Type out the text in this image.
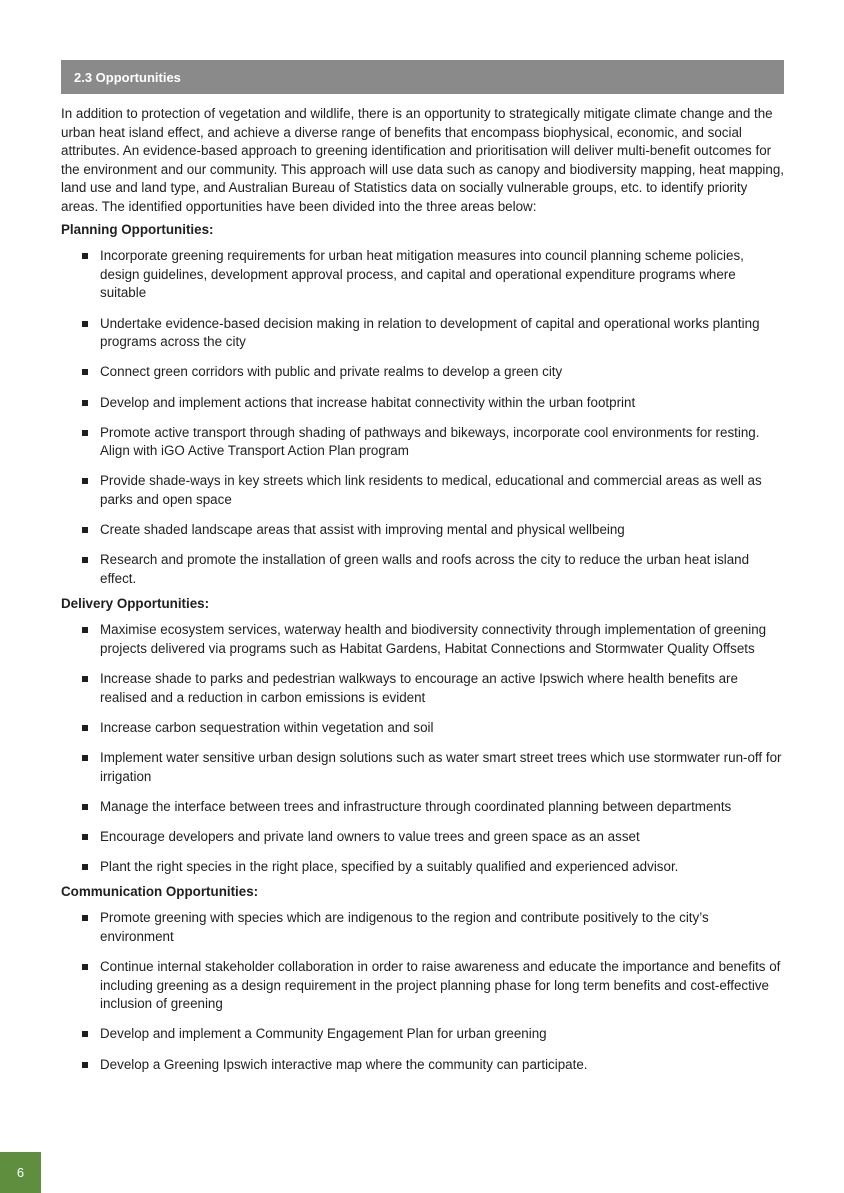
2.3 Opportunities

In addition to protection of vegetation and wildlife, there is an opportunity to strategically mitigate climate change and the urban heat island effect, and achieve a diverse range of benefits that encompass biophysical, economic, and social attributes. An evidence-based approach to greening identification and prioritisation will deliver multi-benefit outcomes for the environment and our community. This approach will use data such as canopy and biodiversity mapping, heat mapping, land use and land type, and Australian Bureau of Statistics data on socially vulnerable groups, etc. to identify priority areas. The identified opportunities have been divided into the three areas below:

Planning Opportunities:
Incorporate greening requirements for urban heat mitigation measures into council planning scheme policies, design guidelines, development approval process, and capital and operational expenditure programs where suitable
Undertake evidence-based decision making in relation to development of capital and operational works planting programs across the city
Connect green corridors with public and private realms to develop a green city
Develop and implement actions that increase habitat connectivity within the urban footprint
Promote active transport through shading of pathways and bikeways, incorporate cool environments for resting. Align with iGO Active Transport Action Plan program
Provide shade-ways in key streets which link residents to medical, educational and commercial areas as well as parks and open space
Create shaded landscape areas that assist with improving mental and physical wellbeing
Research and promote the installation of green walls and roofs across the city to reduce the urban heat island effect.
Delivery Opportunities:
Maximise ecosystem services, waterway health and biodiversity connectivity through implementation of greening projects delivered via programs such as Habitat Gardens, Habitat Connections and Stormwater Quality Offsets
Increase shade to parks and pedestrian walkways to encourage an active Ipswich where health benefits are realised and a reduction in carbon emissions is evident
Increase carbon sequestration within vegetation and soil
Implement water sensitive urban design solutions such as water smart street trees which use stormwater run-off for irrigation
Manage the interface between trees and infrastructure through coordinated planning between departments
Encourage developers and private land owners to value trees and green space as an asset
Plant the right species in the right place, specified by a suitably qualified and experienced advisor.
Communication Opportunities:
Promote greening with species which are indigenous to the region and contribute positively to the city’s environment
Continue internal stakeholder collaboration in order to raise awareness and educate the importance and benefits of including greening as a design requirement in the project planning phase for long term benefits and cost-effective inclusion of greening
Develop and implement a Community Engagement Plan for urban greening
Develop a Greening Ipswich interactive map where the community can participate.
6
